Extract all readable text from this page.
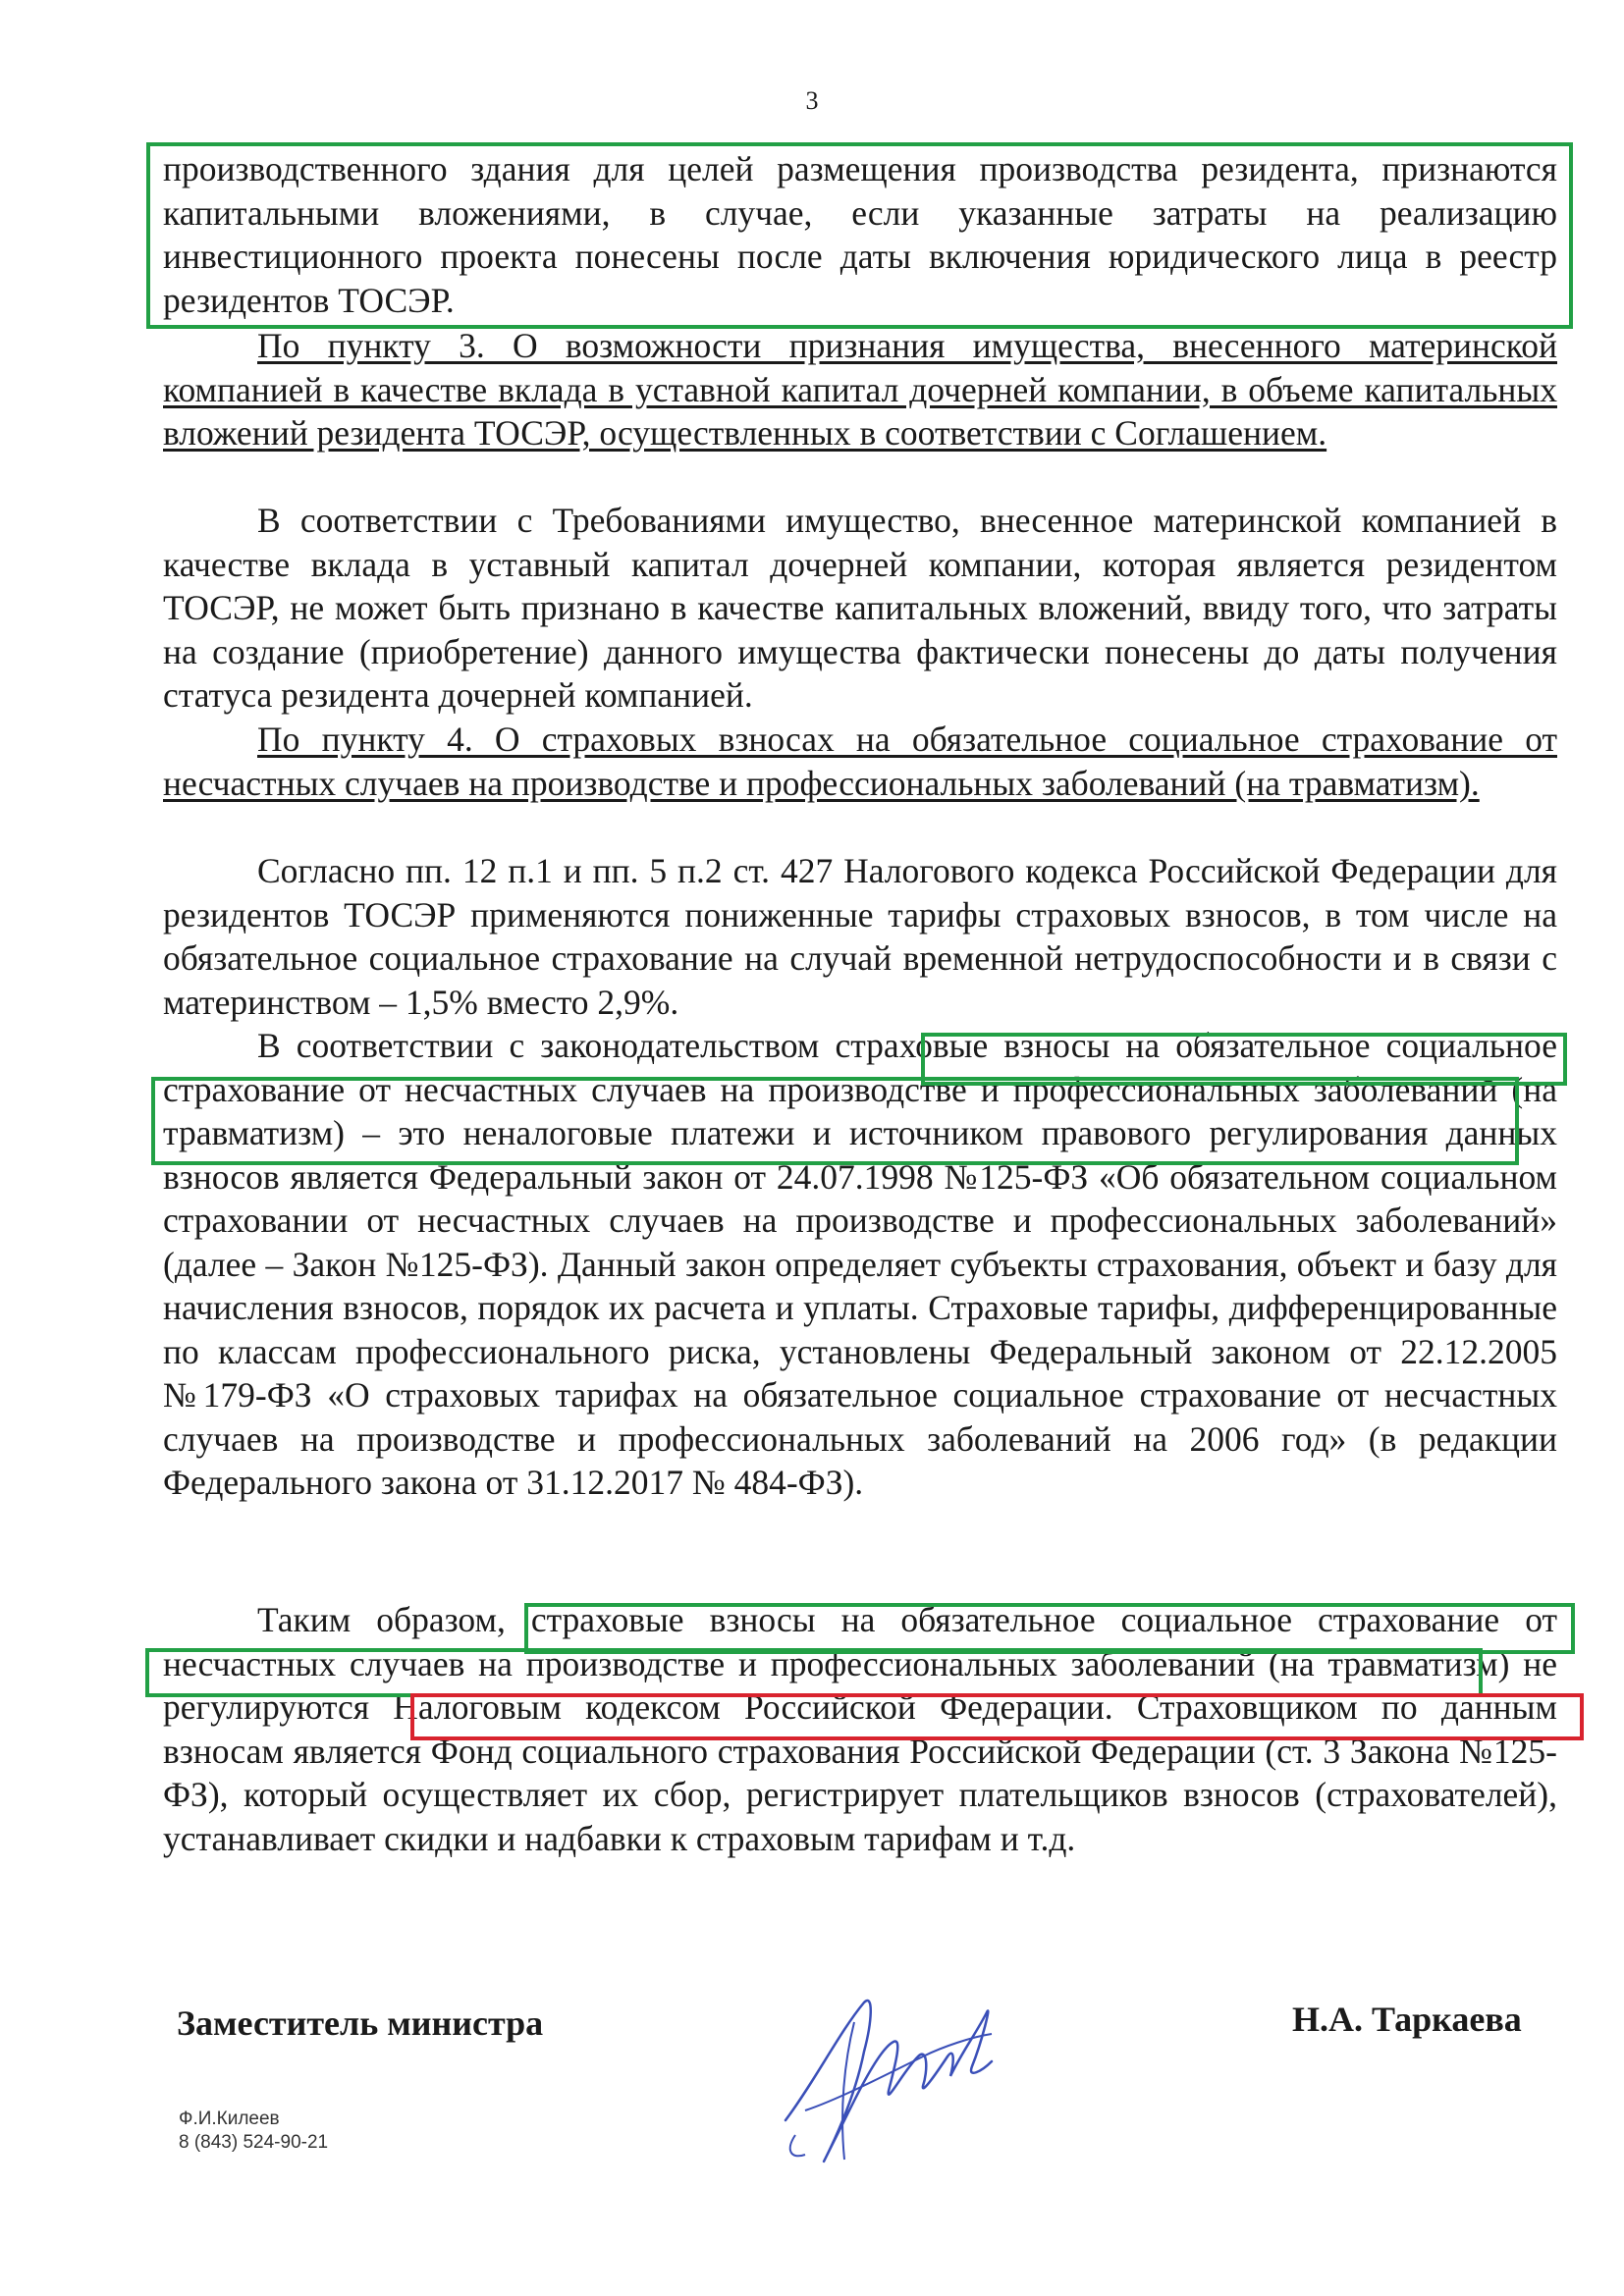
3

производственного здания для целей размещения производства резидента, признаются капитальными вложениями, в случае, если указанные затраты на реализацию инвестиционного проекта понесены после даты включения юридического лица в реестр резидентов ТОСЭР.

По пункту 3. О возможности признания имущества, внесенного материнской компанией в качестве вклада в уставной капитал дочерней компании, в объеме капитальных вложений резидента ТОСЭР, осуществленных в соответствии с Соглашением.

В соответствии с Требованиями имущество, внесенное материнской компанией в качестве вклада в уставный капитал дочерней компании, которая является резидентом ТОСЭР, не может быть признано в качестве капитальных вложений, ввиду того, что затраты на создание (приобретение) данного имущества фактически понесены до даты получения статуса резидента дочерней компанией.

По пункту 4. О страховых взносах на обязательное социальное страхование от несчастных случаев на производстве и профессиональных заболеваний (на травматизм).

Согласно пп. 12 п.1 и пп. 5 п.2 ст. 427 Налогового кодекса Российской Федерации для резидентов ТОСЭР применяются пониженные тарифы страховых взносов, в том числе на обязательное социальное страхование на случай временной нетрудоспособности и в связи с материнством – 1,5% вместо 2,9%.

В соответствии с законодательством страховые взносы на обязательное социальное страхование от несчастных случаев на производстве и профессиональных заболеваний (на травматизм) – это неналоговые платежи и источником правового регулирования данных взносов является Федеральный закон от 24.07.1998 №125-ФЗ «Об обязательном социальном страховании от несчастных случаев на производстве и профессиональных заболеваний» (далее – Закон №125-ФЗ). Данный закон определяет субъекты страхования, объект и базу для начисления взносов, порядок их расчета и уплаты. Страховые тарифы, дифференцированные по классам профессионального риска, установлены Федеральный законом от 22.12.2005 №179-ФЗ «О страховых тарифах на обязательное социальное страхование от несчастных случаев на производстве и профессиональных заболеваний на 2006 год» (в редакции Федерального закона от 31.12.2017 № 484-ФЗ).

Таким образом, страховые взносы на обязательное социальное страхование от несчастных случаев на производстве и профессиональных заболеваний (на травматизм) не регулируются Налоговым кодексом Российской Федерации. Страховщиком по данным взносам является Фонд социального страхования Российской Федерации (ст. 3 Закона №125-ФЗ), который осуществляет их сбор, регистрирует плательщиков взносов (страхователей), устанавливает скидки и надбавки к страховым тарифам и т.д.

Заместитель министра	Н.А. Таркаева
Ф.И.Килеев
8 (843) 524-90-21
